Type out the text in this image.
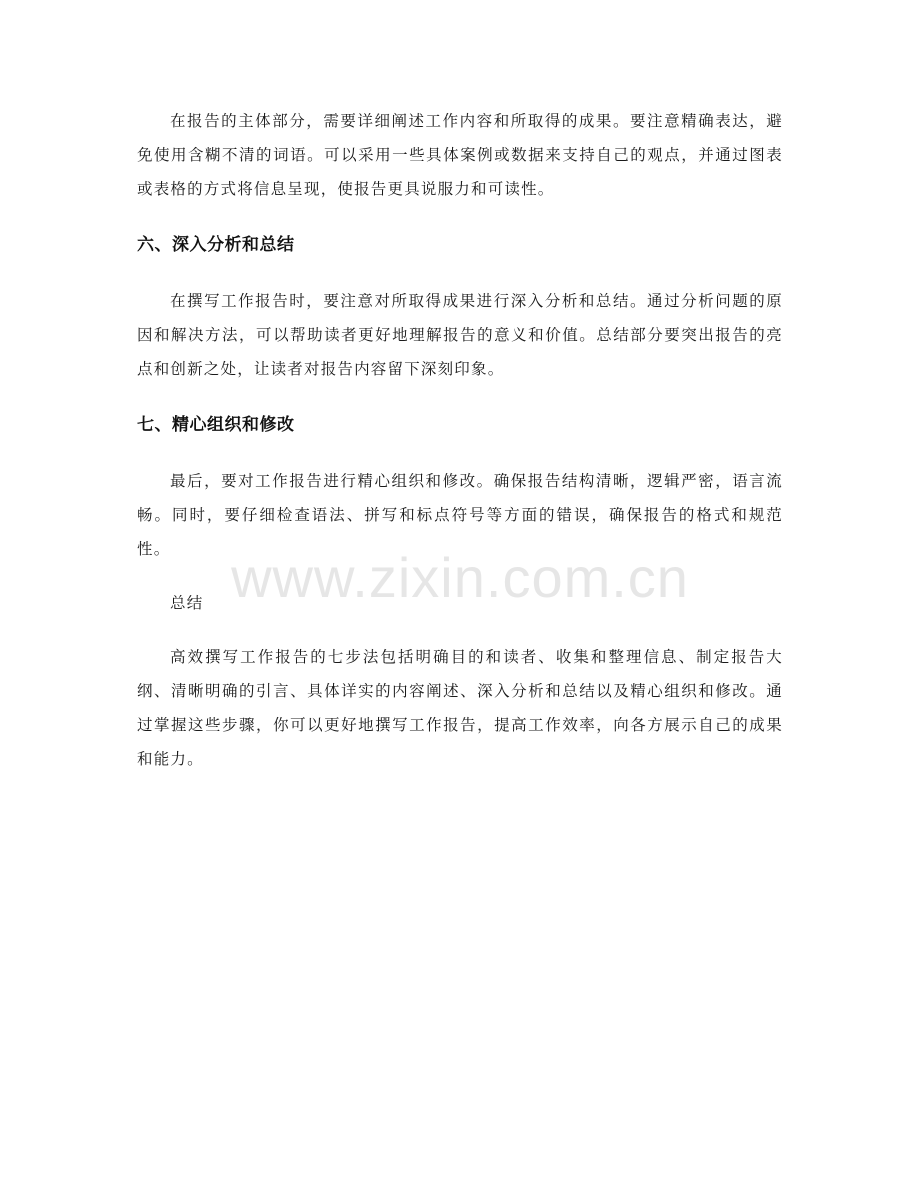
www.zixin.com.cn

在报告的主体部分，需要详细阐述工作内容和所取得的成果。要注意精确表达，避免使用含糊不清的词语。可以采用一些具体案例或数据来支持自己的观点，并通过图表或表格的方式将信息呈现，使报告更具说服力和可读性。

六、深入分析和总结

在撰写工作报告时，要注意对所取得成果进行深入分析和总结。通过分析问题的原因和解决方法，可以帮助读者更好地理解报告的意义和价值。总结部分要突出报告的亮点和创新之处，让读者对报告内容留下深刻印象。

七、精心组织和修改

最后，要对工作报告进行精心组织和修改。确保报告结构清晰，逻辑严密，语言流畅。同时，要仔细检查语法、拼写和标点符号等方面的错误，确保报告的格式和规范性。

总结

高效撰写工作报告的七步法包括明确目的和读者、收集和整理信息、制定报告大纲、清晰明确的引言、具体详实的内容阐述、深入分析和总结以及精心组织和修改。通过掌握这些步骤，你可以更好地撰写工作报告，提高工作效率，向各方展示自己的成果和能力。
